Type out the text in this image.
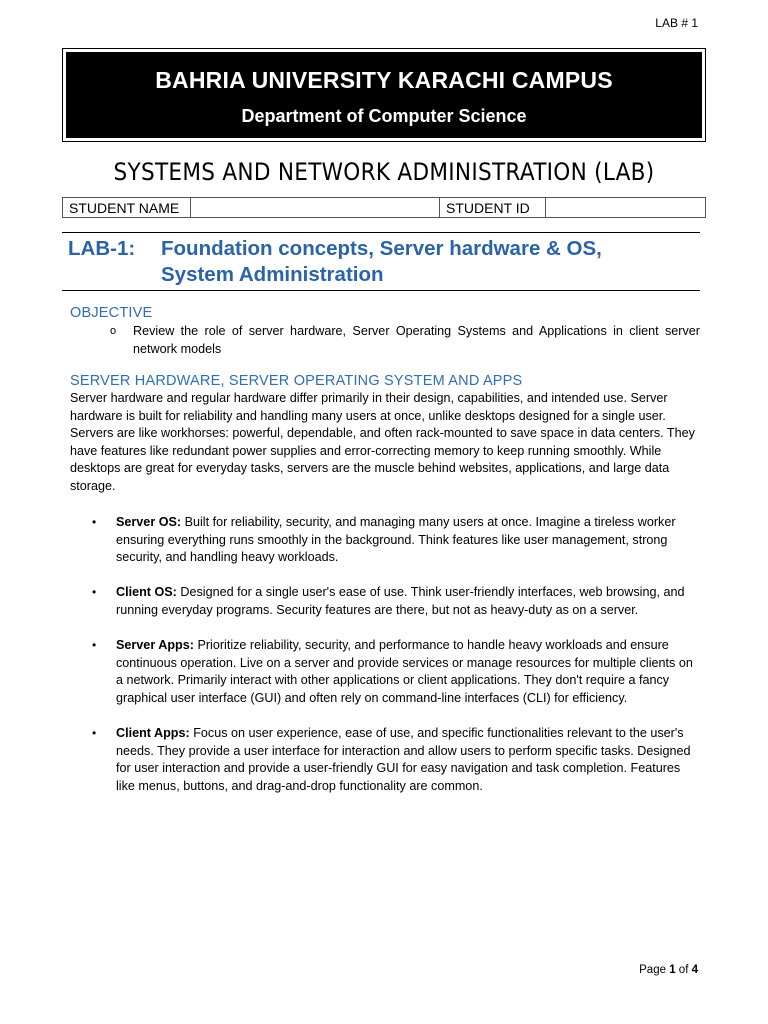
LAB # 1
BAHRIA UNIVERSITY KARACHI CAMPUS
Department of Computer Science
SYSTEMS AND NETWORK ADMINISTRATION (LAB)
STUDENT NAME		STUDENT ID	
LAB-1:	Foundation concepts, Server hardware & OS,
System Administration
OBJECTIVE
o	Review the role of server hardware, Server Operating Systems and Applications in client server network models
SERVER HARDWARE, SERVER OPERATING SYSTEM AND APPS
Server hardware and regular hardware differ primarily in their design, capabilities, and intended use. Server hardware is built for reliability and handling many users at once, unlike desktops designed for a single user. Servers are like workhorses: powerful, dependable, and often rack-mounted to save space in data centers. They have features like redundant power supplies and error-correcting memory to keep running smoothly. While desktops are great for everyday tasks, servers are the muscle behind websites, applications, and large data storage.
•	Server OS: Built for reliability, security, and managing many users at once. Imagine a tireless worker ensuring everything runs smoothly in the background. Think features like user management, strong security, and handling heavy workloads.
•	Client OS: Designed for a single user's ease of use. Think user-friendly interfaces, web browsing, and running everyday programs. Security features are there, but not as heavy-duty as on a server.
•	Server Apps: Prioritize reliability, security, and performance to handle heavy workloads and ensure continuous operation. Live on a server and provide services or manage resources for multiple clients on a network. Primarily interact with other applications or client applications. They don't require a fancy graphical user interface (GUI) and often rely on command-line interfaces (CLI) for efficiency.
•	Client Apps: Focus on user experience, ease of use, and specific functionalities relevant to the user's needs. They provide a user interface for interaction and allow users to perform specific tasks. Designed for user interaction and provide a user-friendly GUI for easy navigation and task completion. Features like menus, buttons, and drag-and-drop functionality are common.
Page 1 of 4
